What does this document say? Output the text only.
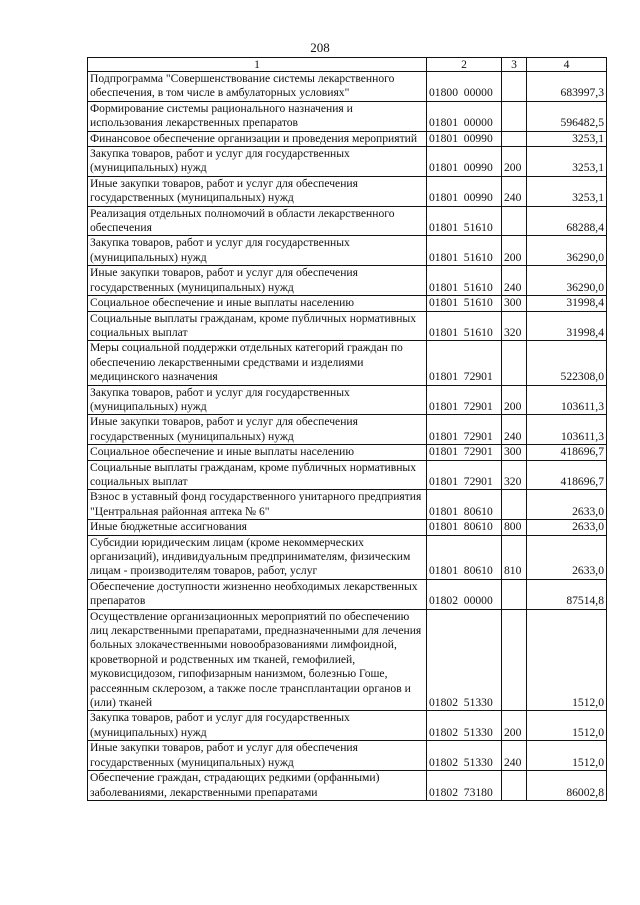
208
1	2	3	4
Подпрограмма "Совершенствование системы лекарственного обеспечения, в том числе в амбулаторных условиях"	01800  00000		683997,3
Формирование системы рационального назначения и использования лекарственных препаратов	01801  00000		596482,5
Финансовое обеспечение организации и проведения мероприятий	01801  00990		3253,1
Закупка товаров, работ и услуг для государственных (муниципальных) нужд	01801  00990	200	3253,1
Иные закупки товаров, работ и услуг для обеспечения государственных (муниципальных) нужд	01801  00990	240	3253,1
Реализация отдельных полномочий в области лекарственного обеспечения	01801  51610		68288,4
Закупка товаров, работ и услуг для государственных (муниципальных) нужд	01801  51610	200	36290,0
Иные закупки товаров, работ и услуг для обеспечения государственных (муниципальных) нужд	01801  51610	240	36290,0
Социальное обеспечение и иные выплаты населению	01801  51610	300	31998,4
Социальные выплаты гражданам, кроме публичных нормативных социальных выплат	01801  51610	320	31998,4
Меры социальной поддержки отдельных категорий граждан по обеспечению лекарственными средствами и изделиями медицинского назначения	01801  72901		522308,0
Закупка товаров, работ и услуг для государственных (муниципальных) нужд	01801  72901	200	103611,3
Иные закупки товаров, работ и услуг для обеспечения государственных (муниципальных) нужд	01801  72901	240	103611,3
Социальное обеспечение и иные выплаты населению	01801  72901	300	418696,7
Социальные выплаты гражданам, кроме публичных нормативных социальных выплат	01801  72901	320	418696,7
Взнос в уставный фонд государственного унитарного предприятия "Центральная районная аптека № 6"	01801  80610		2633,0
Иные бюджетные ассигнования	01801  80610	800	2633,0
Субсидии юридическим лицам (кроме некоммерческих организаций), индивидуальным предпринимателям, физическим лицам - производителям товаров, работ, услуг	01801  80610	810	2633,0
Обеспечение доступности жизненно необходимых лекарственных препаратов	01802  00000		87514,8
Осуществление организационных мероприятий по обеспечению лиц лекарственными препаратами, предназначенными для лечения больных злокачественными новообразованиями лимфоидной, кроветворной и родственных им тканей, гемофилией, муковисцидозом, гипофизарным нанизмом, болезнью Гоше, рассеянным склерозом, а также после трансплантации органов и (или) тканей	01802  51330		1512,0
Закупка товаров, работ и услуг для государственных (муниципальных) нужд	01802  51330	200	1512,0
Иные закупки товаров, работ и услуг для обеспечения государственных (муниципальных) нужд	01802  51330	240	1512,0
Обеспечение граждан, страдающих редкими (орфанными) заболеваниями, лекарственными препаратами	01802  73180		86002,8
